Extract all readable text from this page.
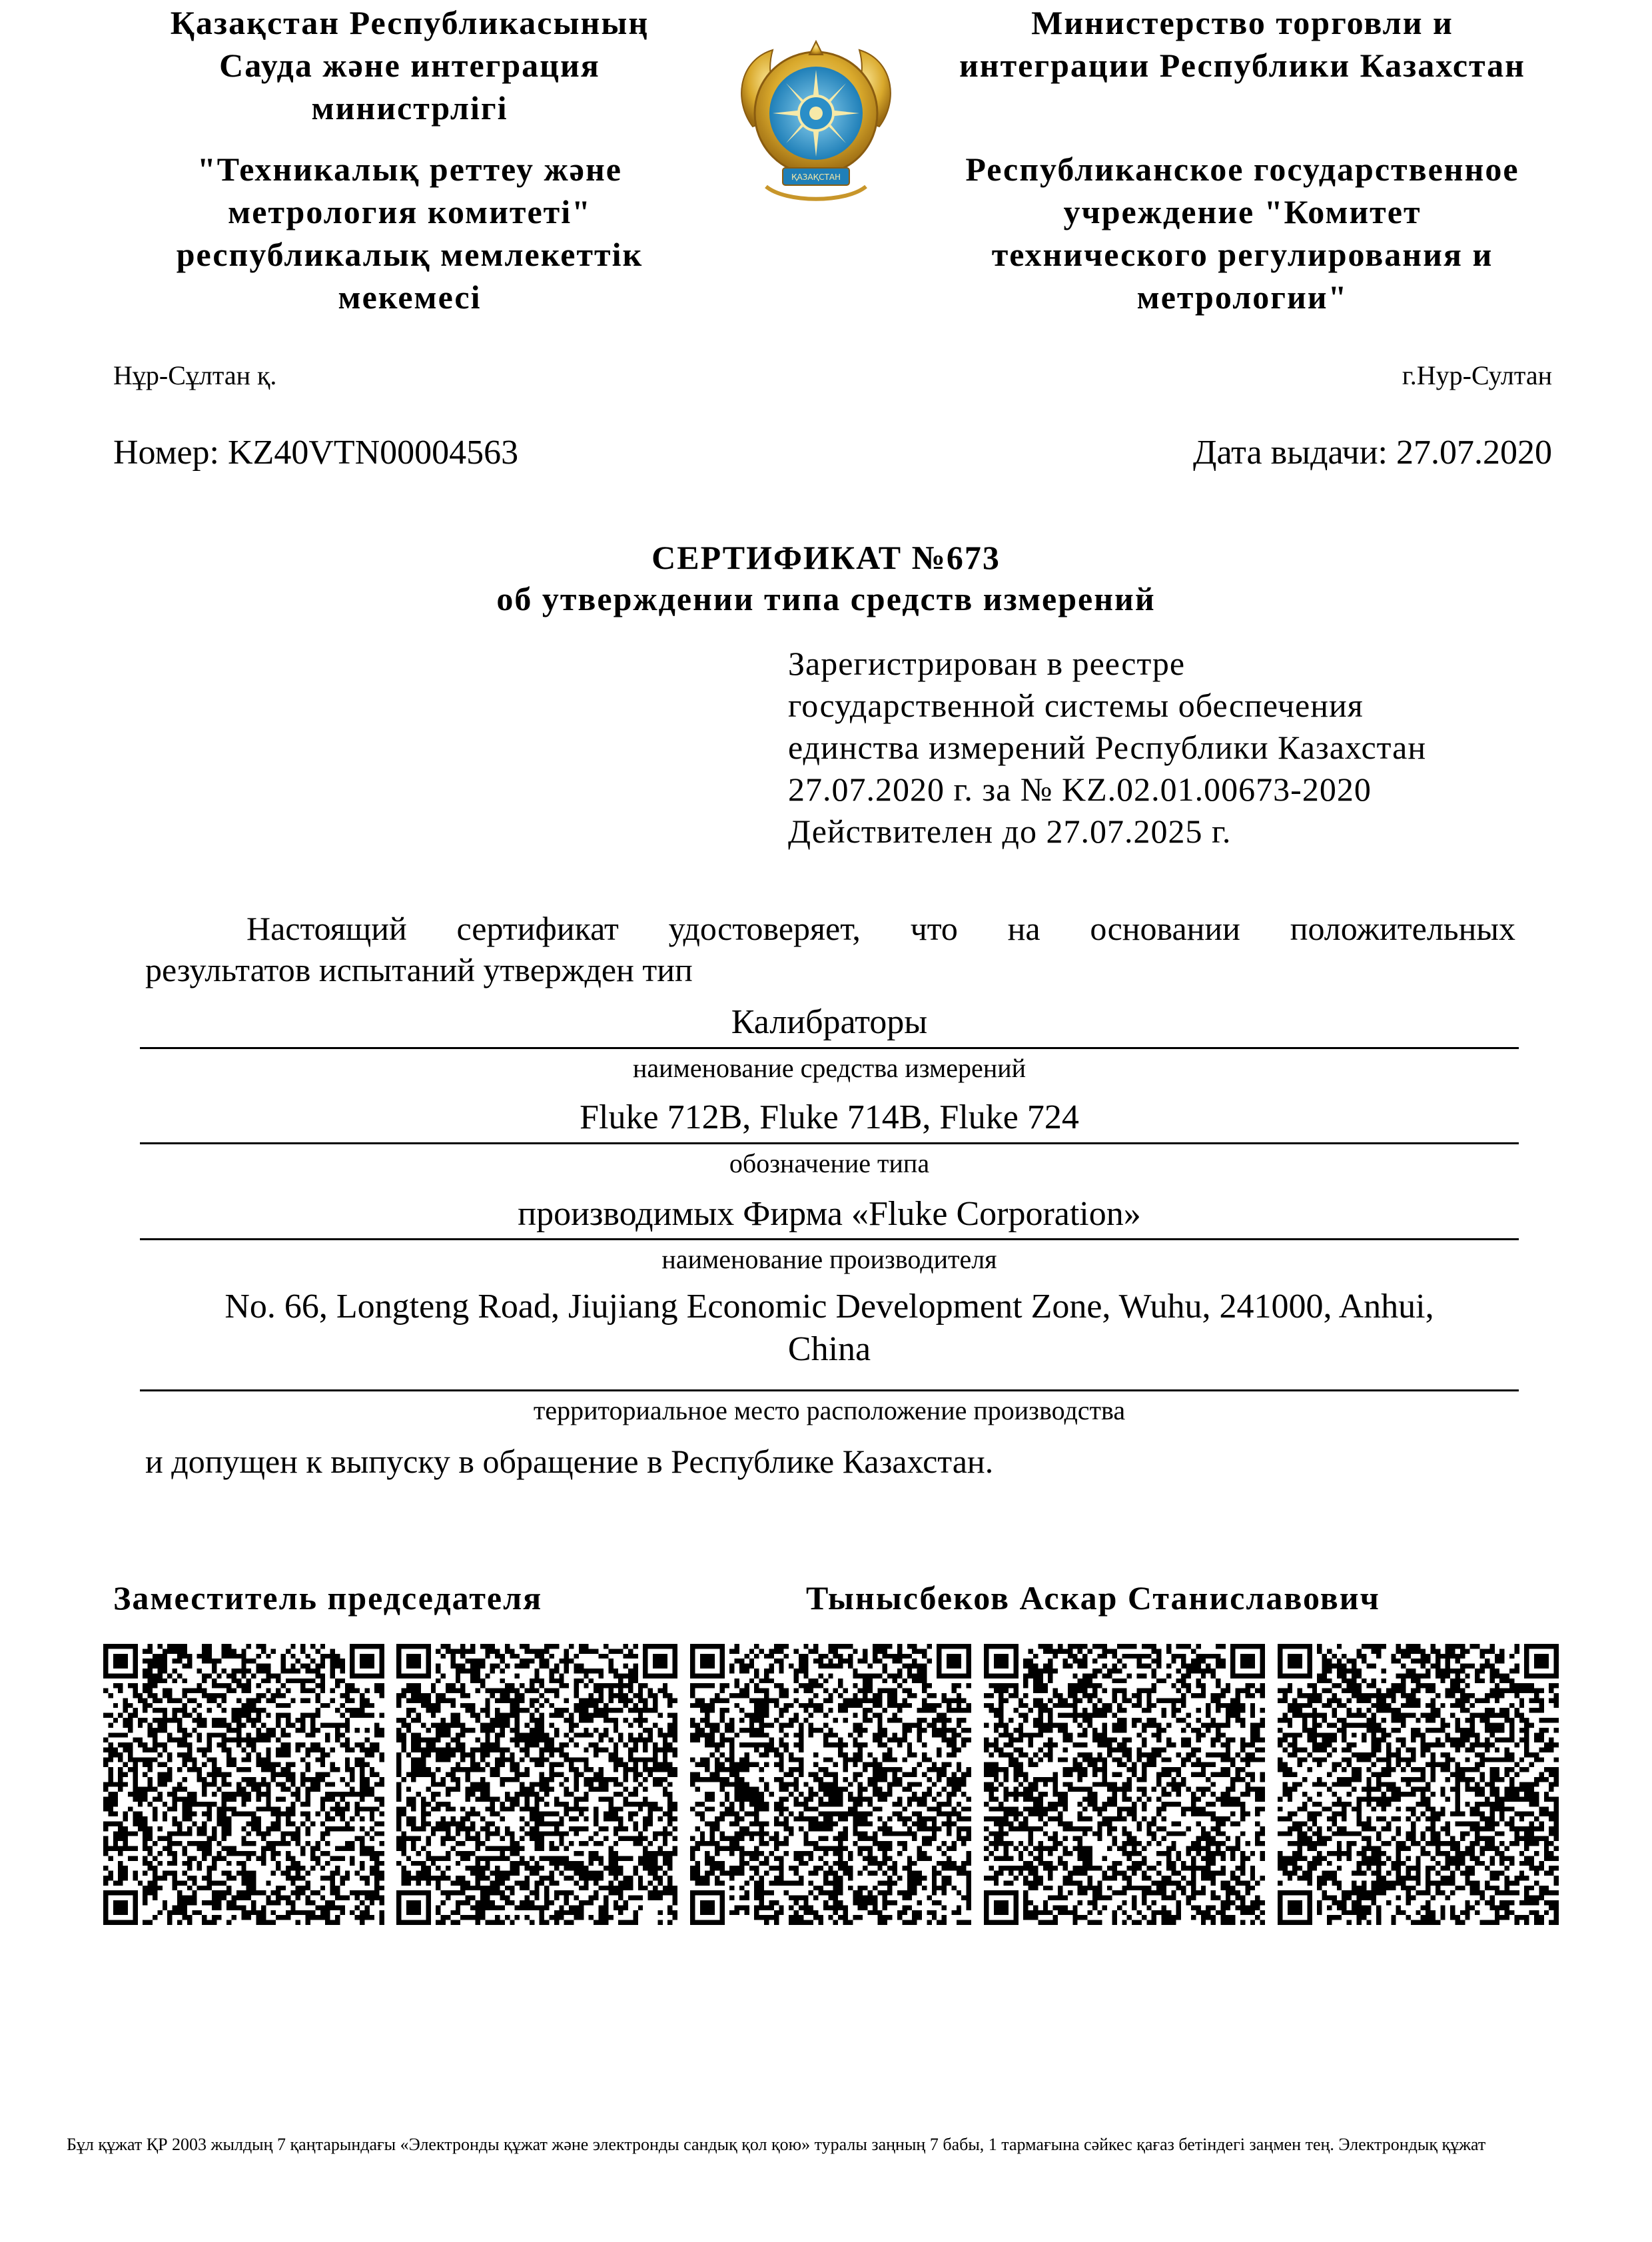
Қазақстан Республикасының
Сауда және интеграция
министрлігі
"Техникалық реттеу және
метрология комитеті"
республикалық мемлекеттік
мекемесі
ҚАЗАҚСТАН
Министерство торговли и
интеграции Республики Казахстан
Республиканское государственное
учреждение "Комитет
технического регулирования и
метрологии"
Нұр-Сұлтан қ.	г.Нур-Султан
Номер: KZ40VTN00004563	Дата выдачи: 27.07.2020
СЕРТИФИКАТ №673
об утверждении типа средств измерений
Зарегистрирован в реестре
государственной системы обеспечения
единства измерений Республики Казахстан
27.07.2020 г. за № KZ.02.01.00673-2020
Действителен до 27.07.2025 г.
Настоящий сертификат удостоверяет, что на основании положительных
результатов испытаний утвержден тип
Калибраторы
наименование средства измерений
Fluke 712B, Fluke 714B, Fluke 724
обозначение типа
производимых Фирма «Fluke Corporation»
наименование производителя
No. 66, Longteng Road, Jiujiang Economic Development Zone, Wuhu, 241000, Anhui,
China
территориальное место расположение производства
и допущен к выпуску в обращение в Республике Казахстан.
Заместитель председателя	Тынысбеков Аскар Станиславович
Бұл құжат ҚР 2003 жылдың 7 қаңтарындағы «Электронды құжат және электронды сандық қол қою» туралы заңның 7 бабы, 1 тармағына сәйкес қағаз бетіндегі заңмен тең. Электрондық құжат
